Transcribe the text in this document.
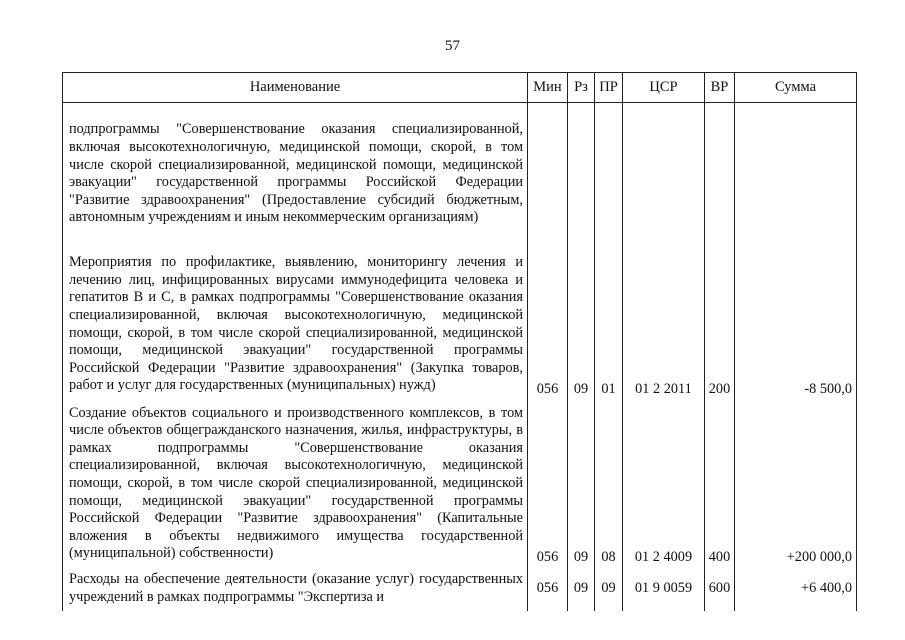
57
Наименование	Мин	Рз	ПР	ЦСР	ВР	Сумма
подпрограммы "Совершенствование оказания специализированной, включая высокотехнологичную, медицинской помощи, скорой, в том числе скорой специализированной, медицинской помощи, медицинской эвакуации" государственной программы Российской Федерации "Развитие здравоохранения" (Предоставление субсидий бюджетным, автономным учреждениям и иным некоммерческим организациям)						
Мероприятия по профилактике, выявлению, мониторингу лечения и лечению лиц, инфицированных вирусами иммунодефицита человека и гепатитов В и С, в рамках подпрограммы "Совершенствование оказания специализированной, включая высокотехнологичную, медицинской помощи, скорой, в том числе скорой специализированной, медицинской помощи, медицинской эвакуации" государственной программы Российской Федерации "Развитие здравоохранения" (Закупка товаров, работ и услуг для государственных (муниципальных) нужд)	056	09	01	01 2 2011	200	-8 500,0
Создание объектов социального и производственного комплексов, в том числе объектов общегражданского назначения, жилья, инфраструктуры, в рамках подпрограммы "Совершенствование оказания специализированной, включая высокотехнологичную, медицинской помощи, скорой, в том числе скорой специализированной, медицинской помощи, медицинской эвакуации" государственной программы Российской Федерации "Развитие здравоохранения" (Капитальные вложения в объекты недвижимого имущества государственной (муниципальной) собственности)	056	09	08	01 2 4009	400	+200 000,0
Расходы на обеспечение деятельности (оказание услуг) государственных учреждений в рамках подпрограммы "Экспертиза и	056	09	09	01 9 0059	600	+6 400,0
